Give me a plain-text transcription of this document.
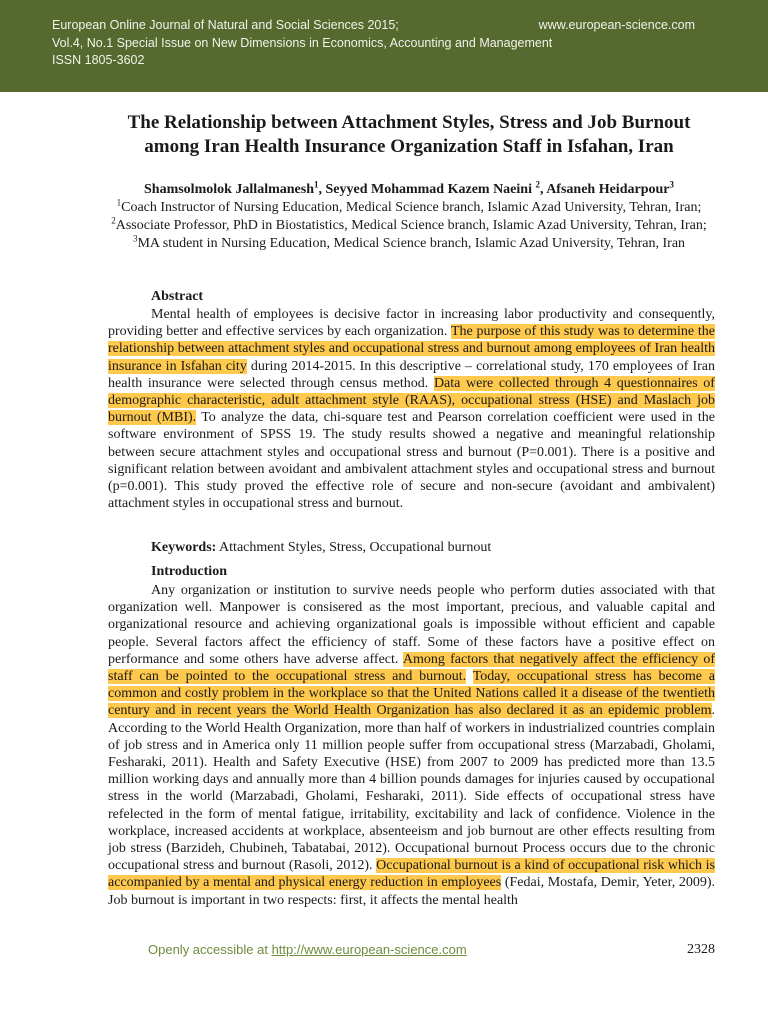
European Online Journal of Natural and Social Sciences 2015;
Vol.4, No.1 Special Issue on New Dimensions in Economics, Accounting and Management
ISSN 1805-3602
www.european-science.com
The Relationship between Attachment Styles, Stress and Job Burnout
among Iran Health Insurance Organization Staff in Isfahan, Iran
Shamsolmolok Jallalmanesh$^1$, Seyyed Mohammad Kazem Naeini $^2$, Afsaneh Heidarpour$^3$
$^1$Coach Instructor of Nursing Education, Medical Science branch, Islamic Azad University, Tehran, Iran; $^2$Associate Professor, PhD in Biostatistics, Medical Science branch, Islamic Azad University, Tehran, Iran; $^3$MA student in Nursing Education, Medical Science branch, Islamic Azad University, Tehran, Iran
Abstract

Mental health of employees is decisive factor in increasing labor productivity and consequently, providing better and effective services by each organization. The purpose of this study was to determine the relationship between attachment styles and occupational stress and burnout among employees of Iran health insurance in Isfahan city during 2014-2015. In this descriptive – correlational study, 170 employees of Iran health insurance were selected through census method. Data were collected through 4 questionnaires of demographic characteristic, adult attachment style (RAAS), occupational stress (HSE) and Maslach job burnout (MBI). To analyze the data, chi-square test and Pearson correlation coefficient were used in the software environment of SPSS 19. The study results showed a negative and meaningful relationship between secure attachment styles and occupational stress and burnout (P=0.001). There is a positive and significant relation between avoidant and ambivalent attachment styles and occupational stress and burnout (p=0.001). This study proved the effective role of secure and non-secure (avoidant and ambivalent) attachment styles in occupational stress and burnout.

Keywords: Attachment Styles, Stress, Occupational burnout
Introduction

Any organization or institution to survive needs people who perform duties associated with that organization well. Manpower is consisered as the most important, precious, and valuable capital and organizational resource and achieving organizational goals is impossible without efficient and capable people. Several factors affect the efficiency of staff. Some of these factors have a positive effect on performance and some others have adverse affect. Among factors that negatively affect the efficiency of staff can be pointed to the occupational stress and burnout. Today, occupational stress has become a common and costly problem in the workplace so that the United Nations called it a disease of the twentieth century and in recent years the World Health Organization has also declared it as an epidemic problem. According to the World Health Organization, more than half of workers in industrialized countries complain of job stress and in America only 11 million people suffer from occupational stress (Marzabadi, Gholami, Fesharaki, 2011). Health and Safety Executive (HSE) from 2007 to 2009 has predicted more than 13.5 million working days and annually more than 4 billion pounds damages for injuries caused by occupational stress in the world (Marzabadi, Gholami, Fesharaki, 2011). Side effects of occupational stress have refelected in the form of mental fatigue, irritability, excitability and lack of confidence. Violence in the workplace, increased accidents at workplace, absenteeism and job burnout are other effects resulting from job stress (Barzideh, Chubineh, Tabatabai, 2012). Occupational burnout Process occurs due to the chronic occupational stress and burnout (Rasoli, 2012). Occupational burnout is a kind of occupational risk which is accompanied by a mental and physical energy reduction in employees (Fedai, Mostafa, Demir, Yeter, 2009). Job burnout is important in two respects: first, it affects the mental health

Openly accessible at http://www.european-science.com	2328
